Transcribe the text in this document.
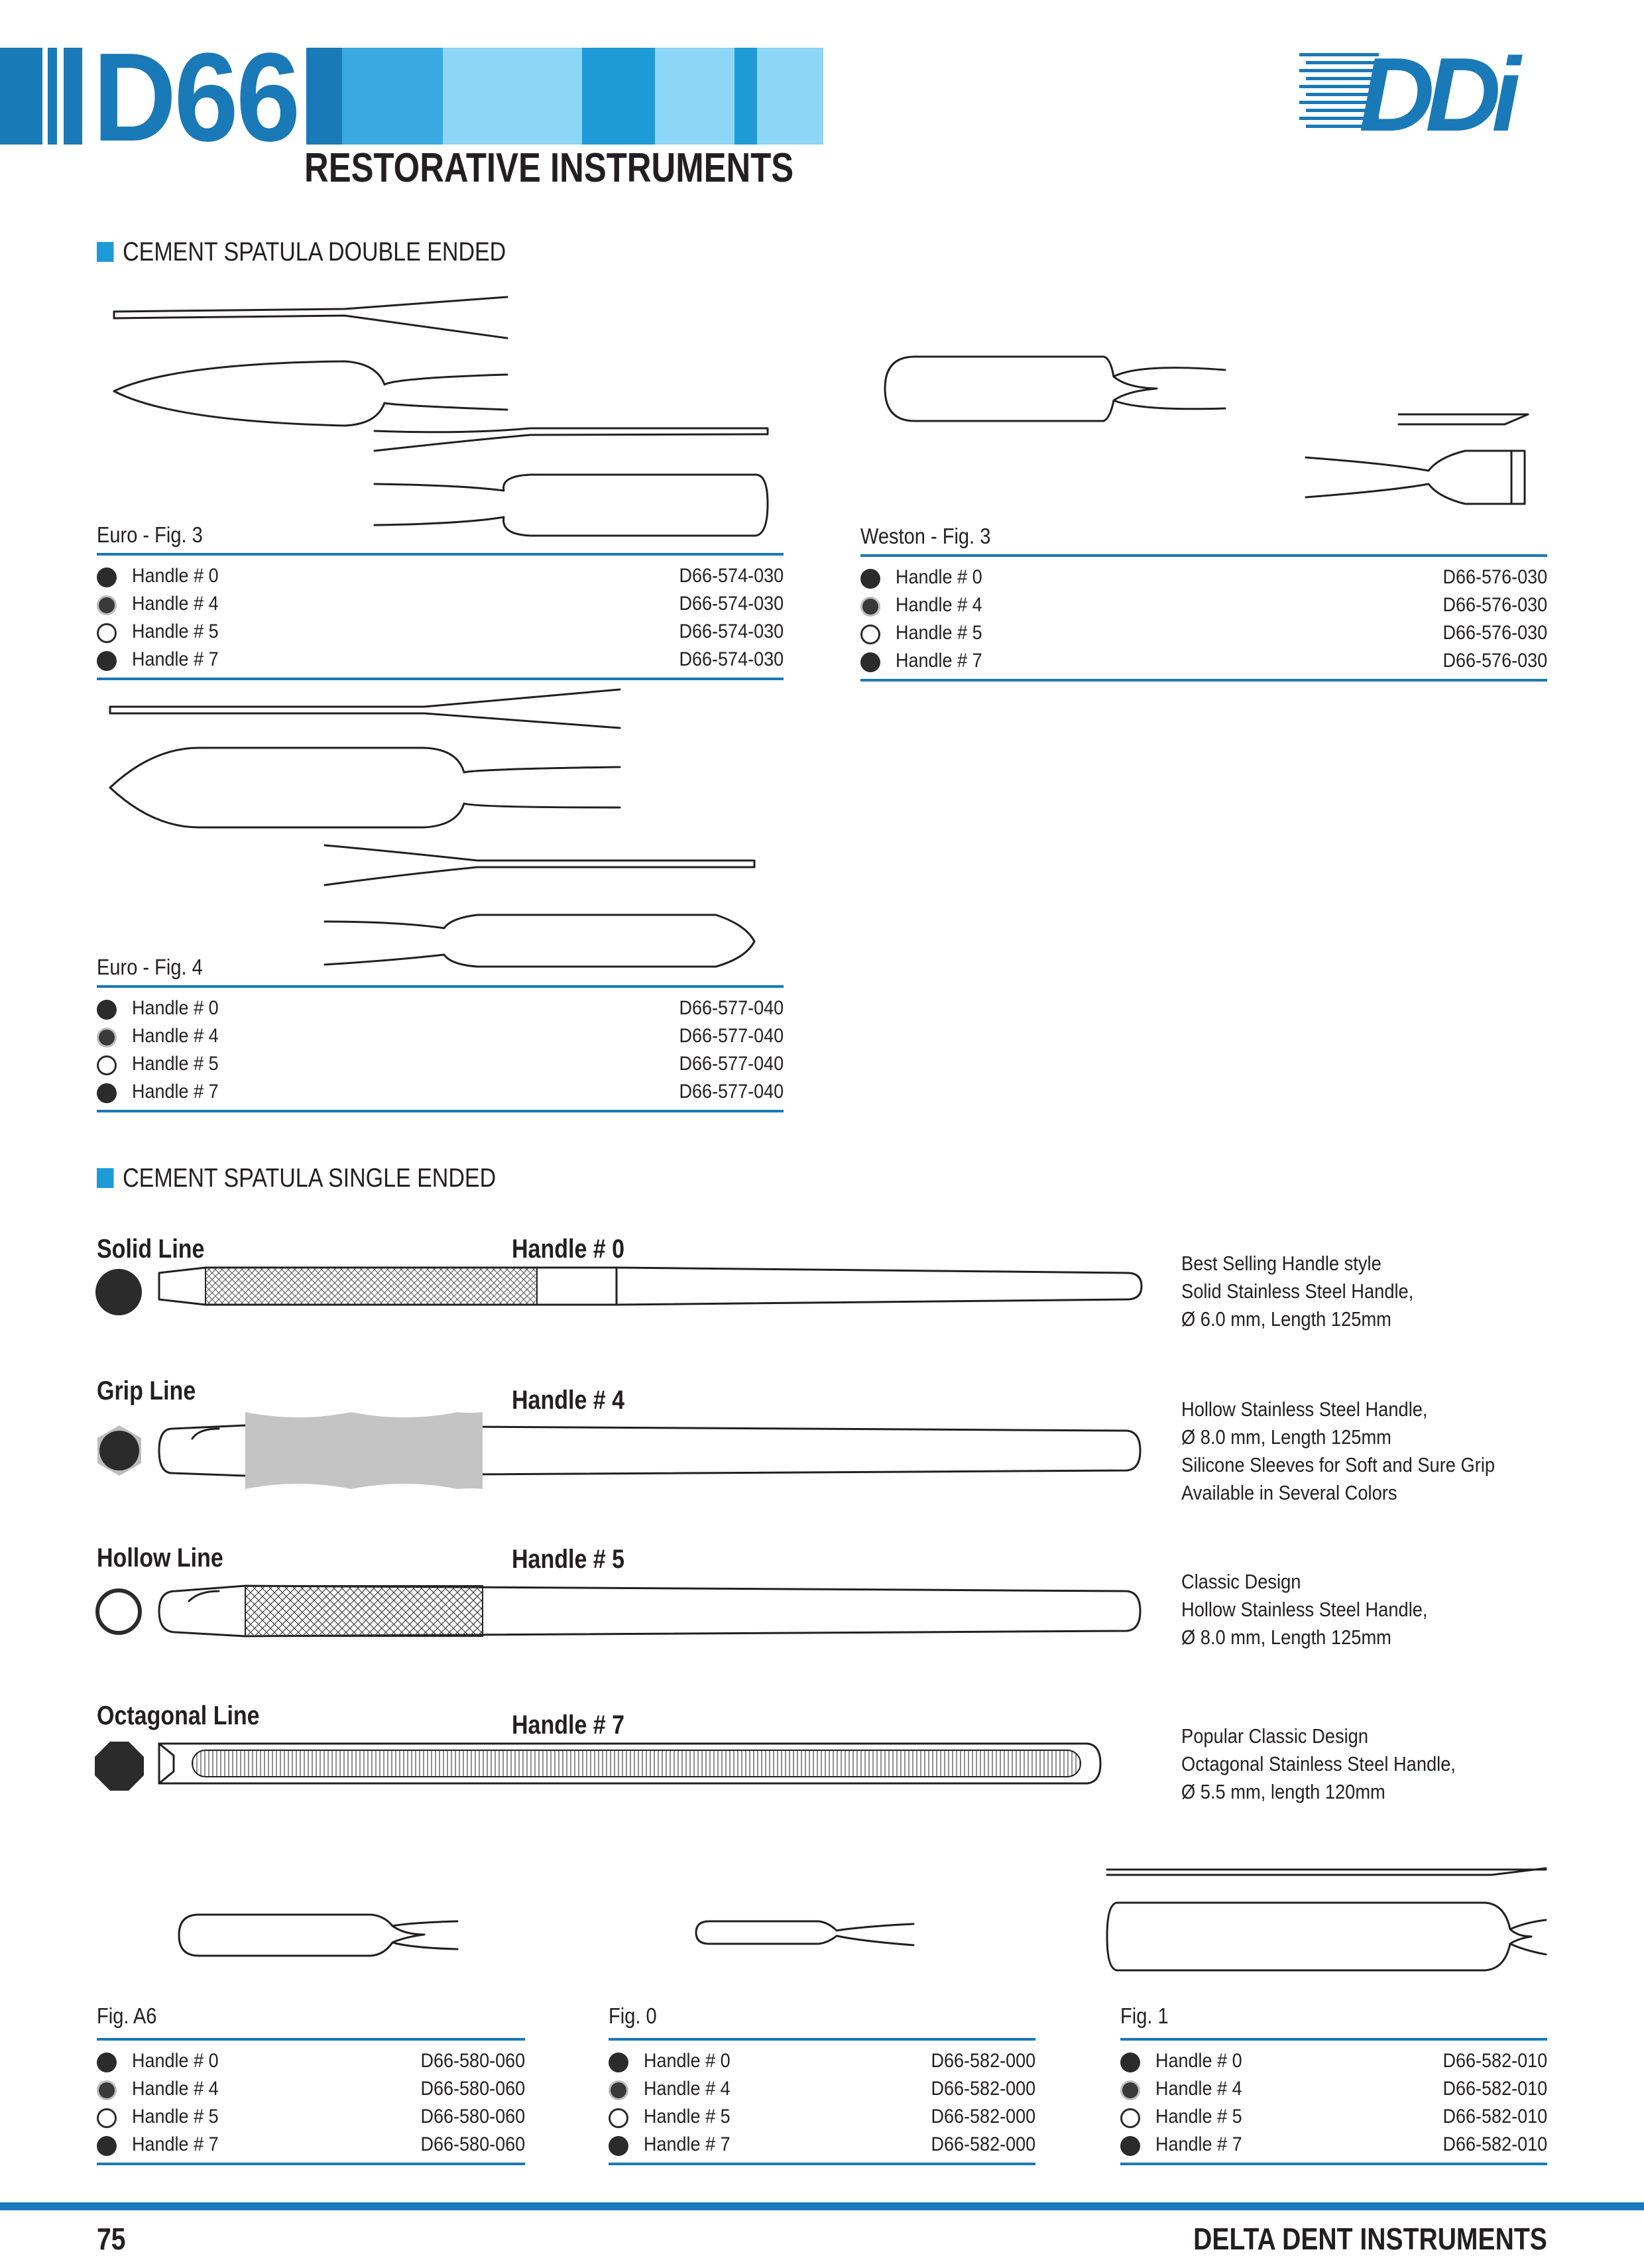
D66
RESTORATIVE INSTRUMENTS
DDi
CEMENT SPATULA DOUBLE ENDED
Euro - Fig. 3
Handle # 0	D66-574-030
Handle # 4	D66-574-030
Handle # 5	D66-574-030
Handle # 7	D66-574-030
Weston - Fig. 3
Handle # 0	D66-576-030
Handle # 4	D66-576-030
Handle # 5	D66-576-030
Handle # 7	D66-576-030
Euro - Fig. 4
Handle # 0	D66-577-040
Handle # 4	D66-577-040
Handle # 5	D66-577-040
Handle # 7	D66-577-040
CEMENT SPATULA SINGLE ENDED
Solid Line	Handle # 0	Best Selling Handle style
Solid Stainless Steel Handle,
Ø 6.0 mm, Length 125mm
Grip Line	Handle # 4	Hollow Stainless Steel Handle,
Ø 8.0 mm, Length 125mm
Silicone Sleeves for Soft and Sure Grip
Available in Several Colors
Hollow Line	Handle # 5
Classic Design
Hollow Stainless Steel Handle,
Ø 8.0 mm, Length 125mm
Octagonal Line	Handle # 7	Popular Classic Design
Octagonal Stainless Steel Handle,
Ø 5.5 mm, length 120mm
Fig. A6
Handle # 0	D66-580-060
Handle # 4	D66-580-060
Handle # 5	D66-580-060
Handle # 7	D66-580-060
Fig. 0
Handle # 0	D66-582-000
Handle # 4	D66-582-000
Handle # 5	D66-582-000
Handle # 7	D66-582-000
Fig. 1
Handle # 0	D66-582-010
Handle # 4	D66-582-010
Handle # 5	D66-582-010
Handle # 7	D66-582-010
75	DELTA DENT INSTRUMENTS
